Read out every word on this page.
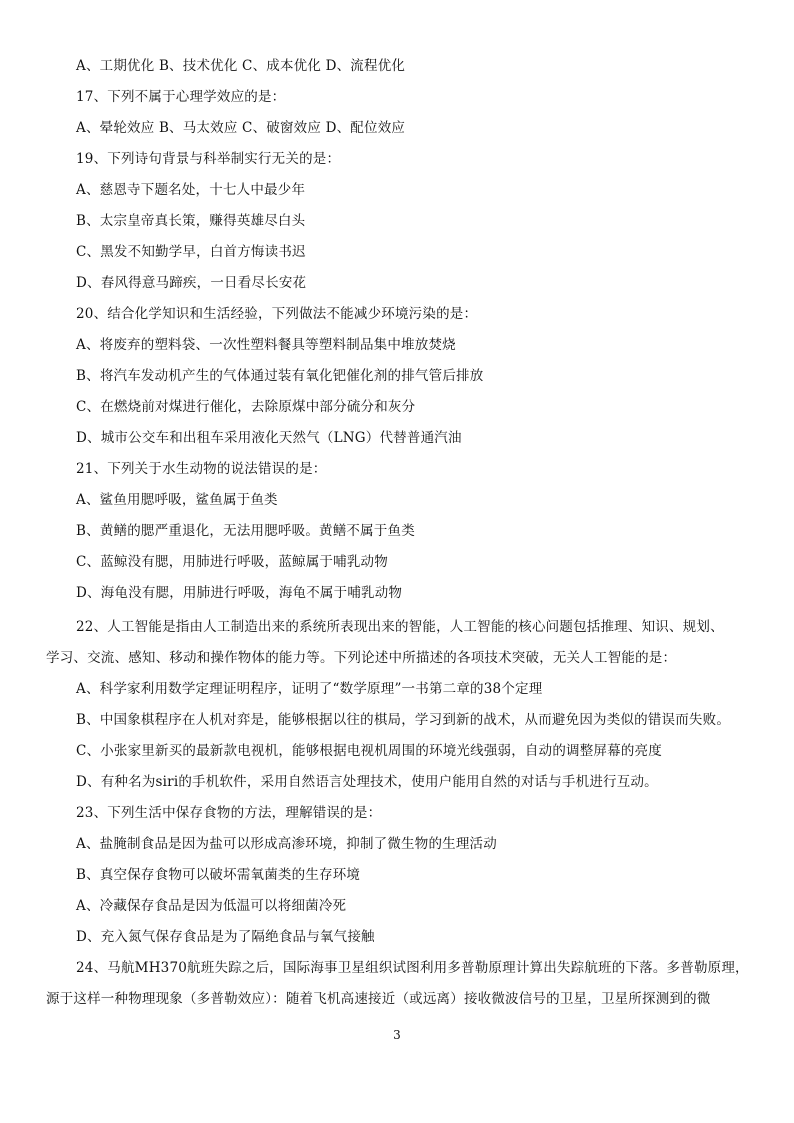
A、工期优化 B、技术优化 C、成本优化 D、流程优化
17、下列不属于心理学效应的是：
A、晕轮效应 B、马太效应 C、破窗效应 D、配位效应
19、下列诗句背景与科举制实行无关的是：
A、慈恩寺下题名处，十七人中最少年
B、太宗皇帝真长策，赚得英雄尽白头
C、黑发不知勤学早，白首方悔读书迟
D、春风得意马蹄疾，一日看尽长安花
20、结合化学知识和生活经验，下列做法不能减少环境污染的是：
A、将废弃的塑料袋、一次性塑料餐具等塑料制品集中堆放焚烧
B、将汽车发动机产生的气体通过装有氧化钯催化剂的排气管后排放
C、在燃烧前对煤进行催化，去除原煤中部分硫分和灰分
D、城市公交车和出租车采用液化天然气（LNG）代替普通汽油
21、下列关于水生动物的说法错误的是：
A、鲨鱼用腮呼吸，鲨鱼属于鱼类
B、黄鳝的腮严重退化，无法用腮呼吸。黄鳝不属于鱼类
C、蓝鲸没有腮，用肺进行呼吸，蓝鲸属于哺乳动物
D、海龟没有腮，用肺进行呼吸，海龟不属于哺乳动物
22、人工智能是指由人工制造出来的系统所表现出来的智能，人工智能的核心问题包括推理、知识、规划、
学习、交流、感知、移动和操作物体的能力等。下列论述中所描述的各项技术突破，无关人工智能的是：
A、科学家利用数学定理证明程序，证明了“数学原理”一书第二章的38个定理
B、中国象棋程序在人机对弈是，能够根据以往的棋局，学习到新的战术，从而避免因为类似的错误而失败。
C、小张家里新买的最新款电视机，能够根据电视机周围的环境光线强弱，自动的调整屏幕的亮度
D、有种名为siri的手机软件，采用自然语言处理技术，使用户能用自然的对话与手机进行互动。
23、下列生活中保存食物的方法，理解错误的是：
A、盐腌制食品是因为盐可以形成高渗环境，抑制了微生物的生理活动
B、真空保存食物可以破坏需氧菌类的生存环境
A、冷藏保存食品是因为低温可以将细菌冷死
D、充入氮气保存食品是为了隔绝食品与氧气接触
24、马航MH370航班失踪之后，国际海事卫星组织试图利用多普勒原理计算出失踪航班的下落。多普勒原理，
源于这样一种物理现象（多普勒效应）：随着飞机高速接近（或远离）接收微波信号的卫星，卫星所探测到的微
3
